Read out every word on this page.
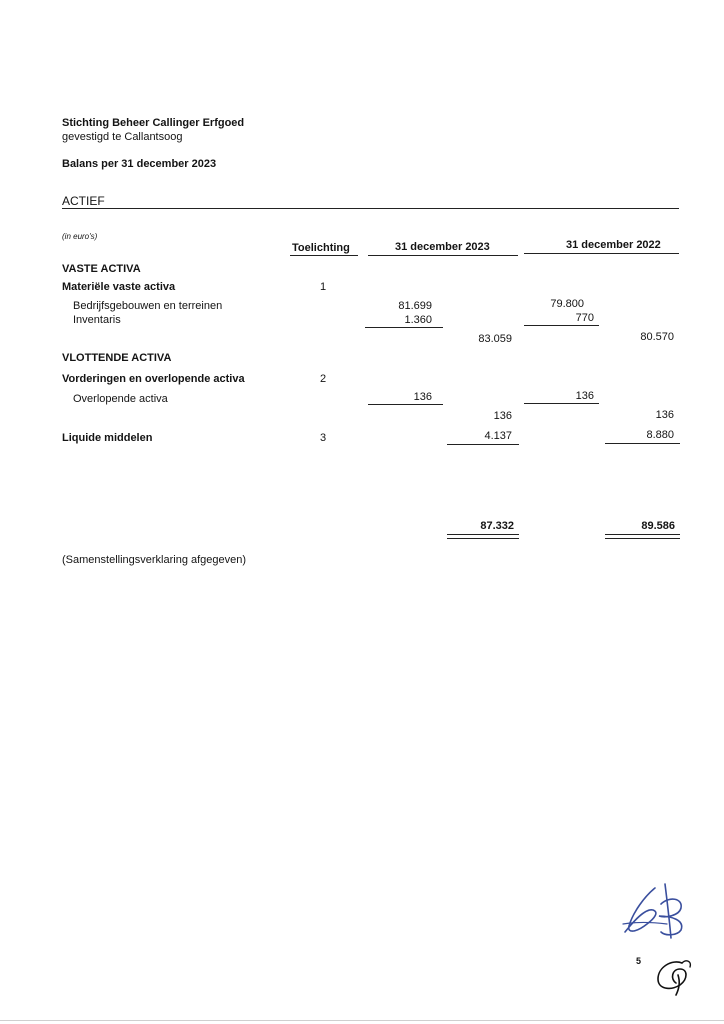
Stichting Beheer Callinger Erfgoed
gevestigd te Callantsoog
Balans per 31 december 2023
ACTIEF
(in euro's)
Toelichting	31 december 2023	31 december 2022
VASTE ACTIVA
Materiële vaste activa	1
Bedrijfsgebouwen en terreinen	81.699	79.800
Inventaris	1.360	770
83.059	80.570
VLOTTENDE ACTIVA
Vorderingen en overlopende activa	2
Overlopende activa	136	136
136	136
Liquide middelen	3	4.137	8.880
87.332	89.586
(Samenstellingsverklaring afgegeven)
5
